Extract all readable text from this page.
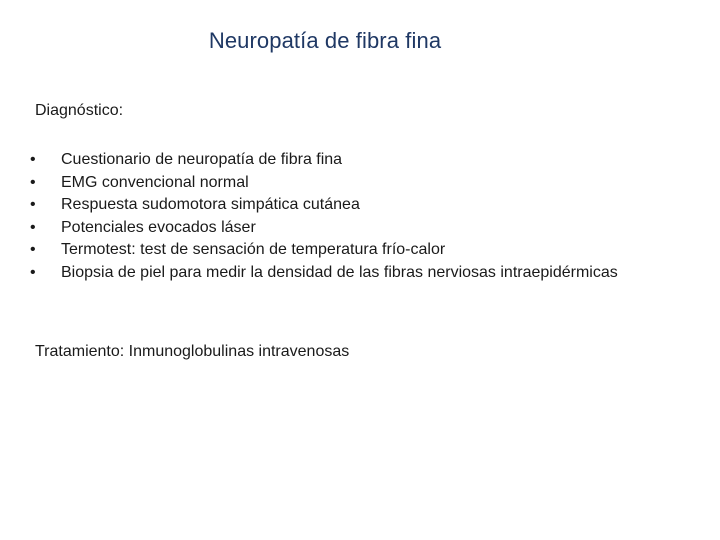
Neuropatía de fibra fina
Diagnóstico:
•	Cuestionario de neuropatía de fibra fina
•	EMG convencional normal
•	Respuesta sudomotora simpática cutánea
•	Potenciales evocados láser
•	Termotest: test de sensación de temperatura frío-calor
•	Biopsia de piel para medir la densidad de las fibras nerviosas intraepidérmicas
Tratamiento: Inmunoglobulinas intravenosas
